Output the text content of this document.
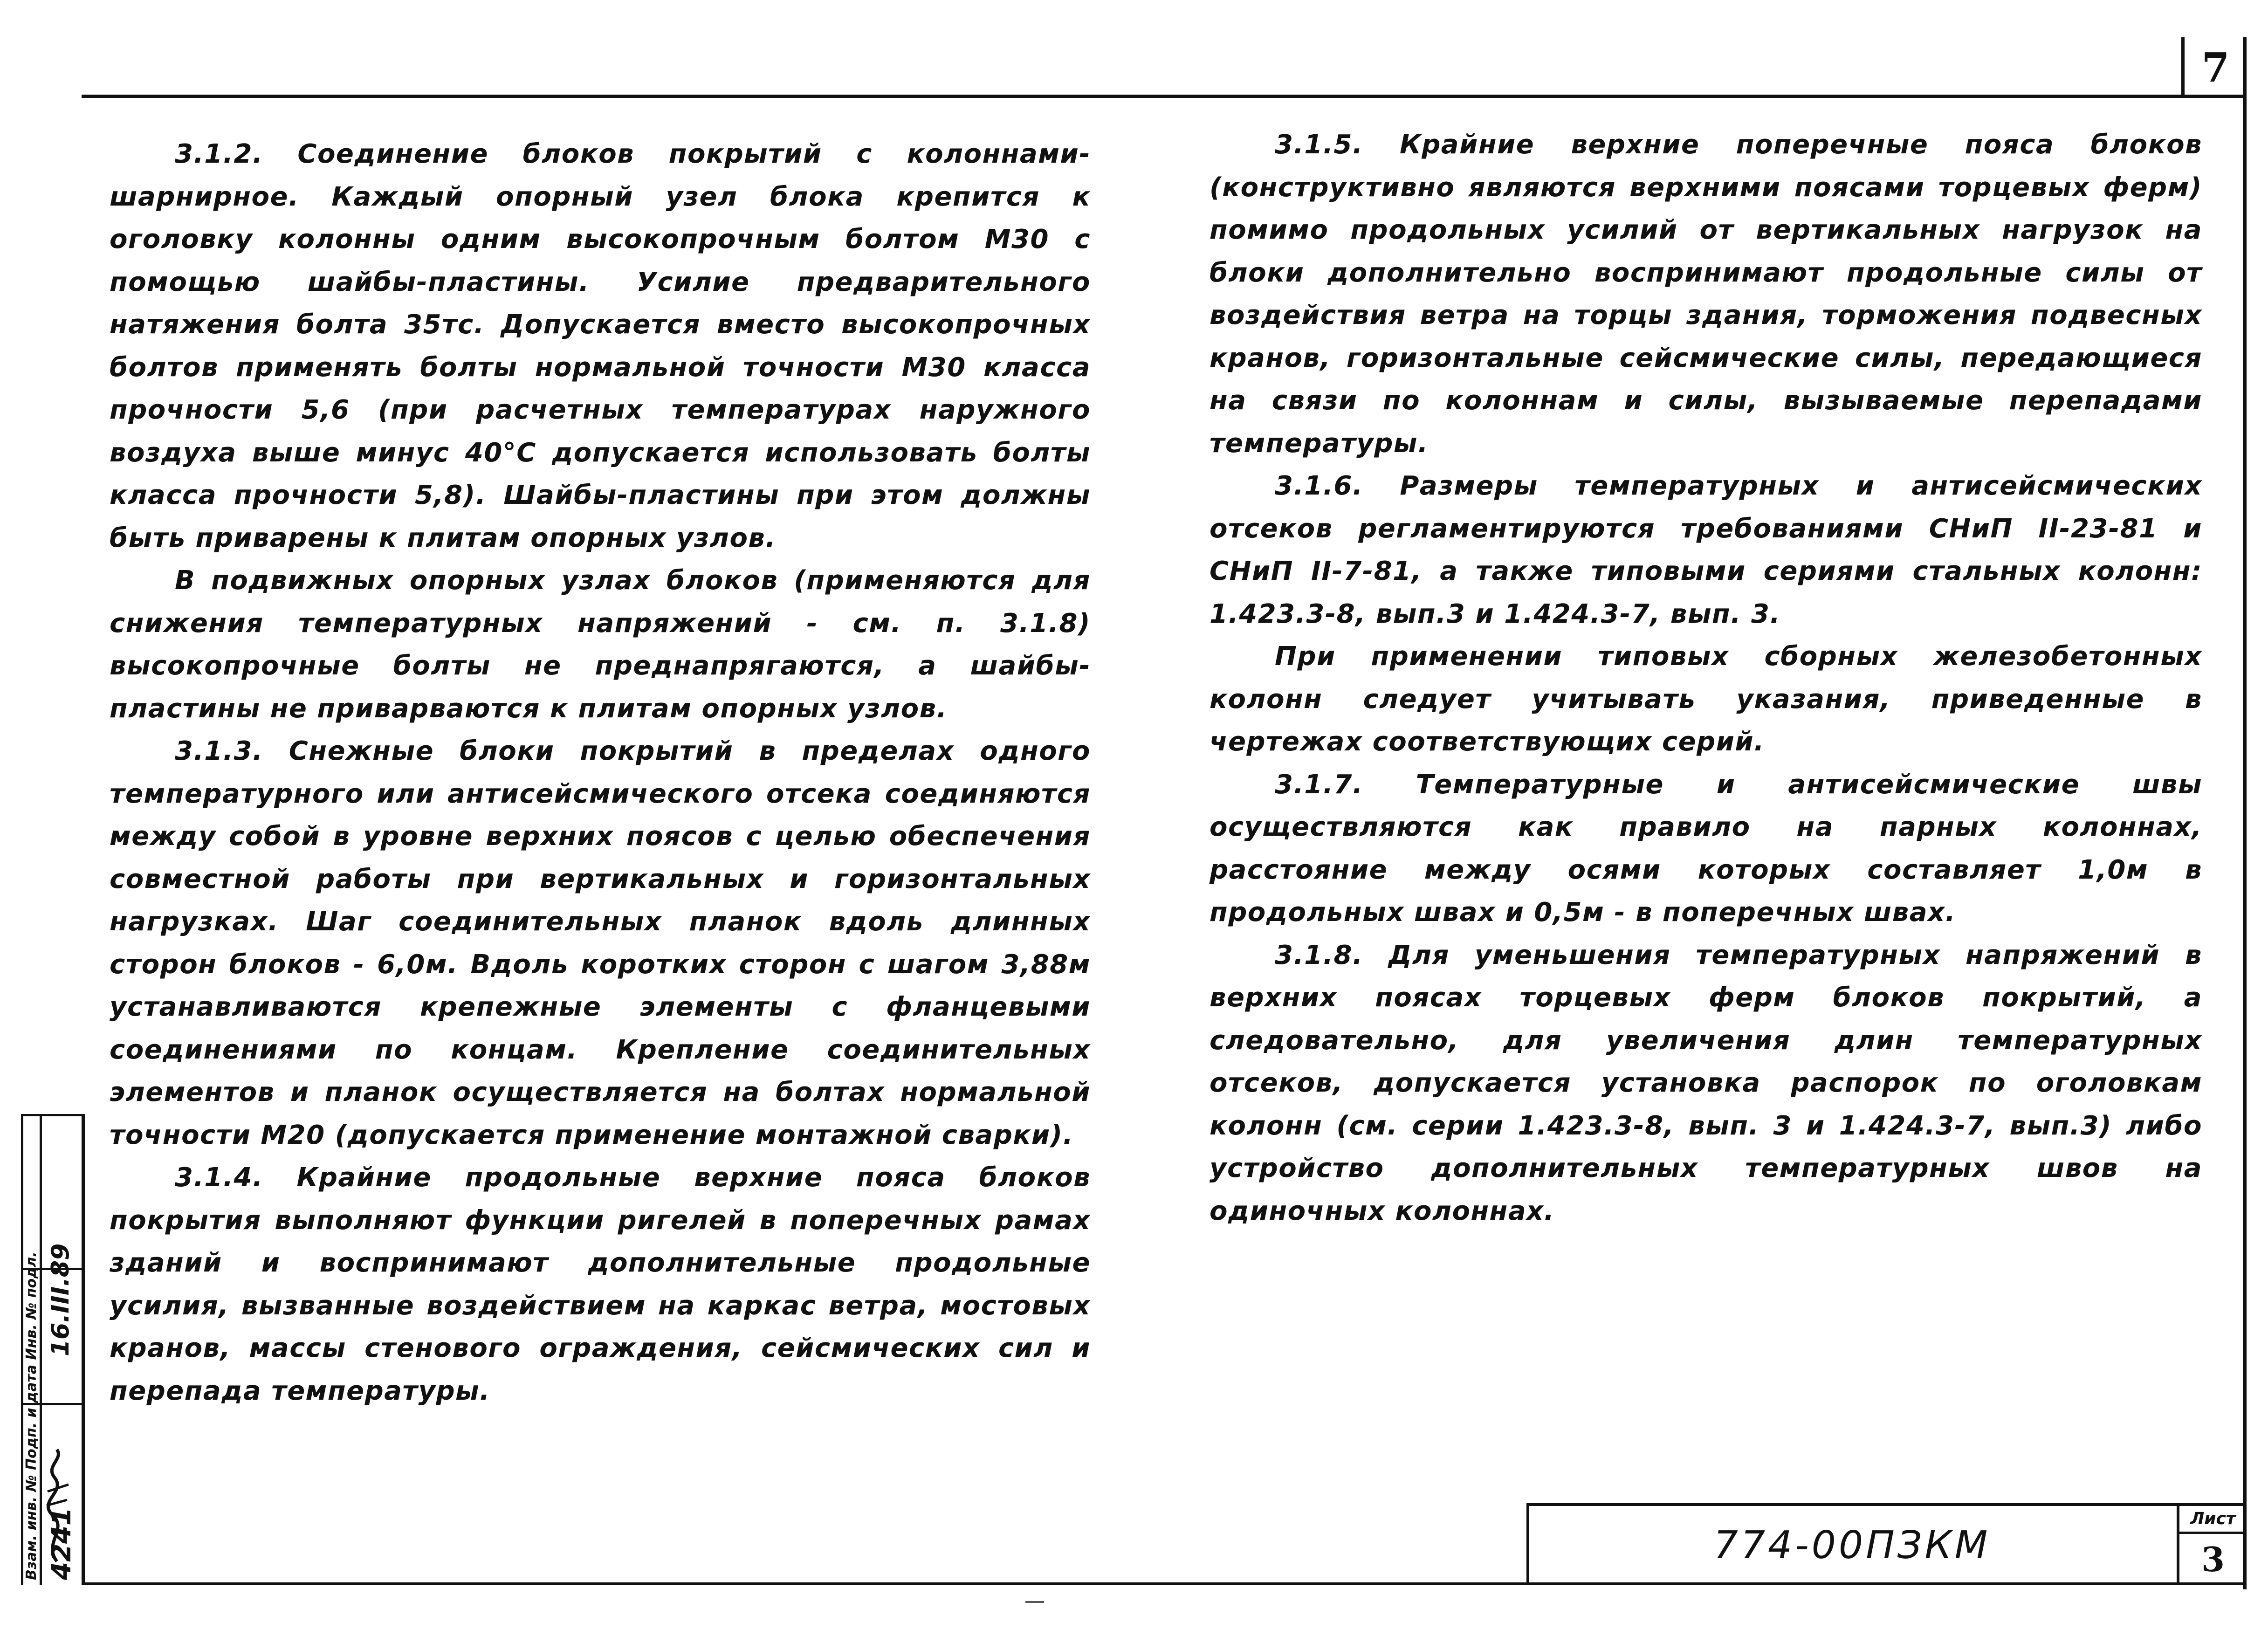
7

3.1.2. Соединение блоков покрытий с колоннами-шарнирное. Каждый опорный узел блока крепится к оголовку колонны одним высокопрочным болтом М30 с помощью шайбы-пластины. Усилие предварительного натяжения болта 35тс. Допускается вместо высокопрочных болтов применять болты нормальной точности М30 класса прочности 5,6 (при расчетных температурах наружного воздуха выше минус 40°С допускается использовать болты класса прочности 5,8). Шайбы-пластины при этом должны быть приварены к плитам опорных узлов.

В подвижных опорных узлах блоков (применяются для снижения температурных напряжений - см. п. 3.1.8) высокопрочные болты не преднапрягаются, а шайбы-пластины не приварваются к плитам опорных узлов.

3.1.3. Снежные блоки покрытий в пределах одного температурного или антисейсмического отсека соединяются между собой в уровне верхних поясов с целью обеспечения совместной работы при вертикальных и горизонтальных нагрузках. Шаг соединительных планок вдоль длинных сторон блоков - 6,0м. Вдоль коротких сторон с шагом 3,88м устанавливаются крепежные элементы с фланцевыми соединениями по концам. Крепление соединительных элементов и планок осуществляется на болтах нормальной точности М20 (допускается применение монтажной сварки).

3.1.4. Крайние продольные верхние пояса блоков покрытия выполняют функции ригелей в поперечных рамах зданий и воспринимают дополнительные продольные усилия, вызванные воздействием на каркас ветра, мостовых кранов, массы стенового ограждения, сейсмических сил и перепада температуры.

3.1.5. Крайние верхние поперечные пояса блоков (конструктивно являются верхними поясами торцевых ферм) помимо продольных усилий от вертикальных нагрузок на блоки дополнительно воспринимают продольные силы от воздействия ветра на торцы здания, торможения подвесных кранов, горизонтальные сейсмические силы, передающиеся на связи по колоннам и силы, вызываемые перепадами температуры.

3.1.6. Размеры температурных и антисейсмических отсеков регламентируются требованиями СНиП II-23-81 и СНиП II-7-81, а также типовыми сериями стальных колонн: 1.423.3-8, вып.3 и 1.424.3-7, вып. 3.

При применении типовых сборных железобетонных колонн следует учитывать указания, приведенные в чертежах соответствующих серий.

3.1.7. Температурные и антисейсмические швы осуществляются как правило на парных колоннах, расстояние между осями которых составляет 1,0м в продольных швах и 0,5м - в поперечных швах.

3.1.8. Для уменьшения температурных напряжений в верхних поясах торцевых ферм блоков покрытий, а следовательно, для увеличения длин температурных отсеков, допускается установка распорок по оголовкам колонн (см. серии 1.423.3-8, вып. 3 и 1.424.3-7, вып.3) либо устройство дополнительных температурных швов на одиночных колоннах.

774-00ПЗКМ
Лист
3
Взам. инв. № Подп. и дата Инв. № подл. 4241
16.III.89
